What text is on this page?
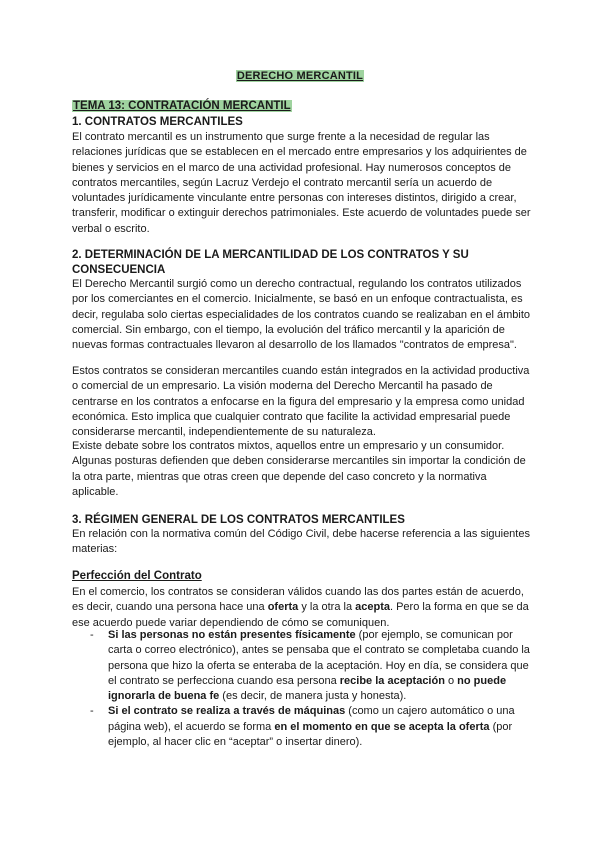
DERECHO MERCANTIL
TEMA 13: CONTRATACIÓN MERCANTIL
1. CONTRATOS MERCANTILES

El contrato mercantil es un instrumento que surge frente a la necesidad de regular las relaciones jurídicas que se establecen en el mercado entre empresarios y los adquirientes de bienes y servicios en el marco de una actividad profesional. Hay numerosos conceptos de contratos mercantiles, según Lacruz Verdejo el contrato mercantil sería un acuerdo de voluntades jurídicamente vinculante entre personas con intereses distintos, dirigido a crear, transferir, modificar o extinguir derechos patrimoniales. Este acuerdo de voluntades puede ser verbal o escrito.

2. DETERMINACIÓN DE LA MERCANTILIDAD DE LOS CONTRATOS Y SU CONSECUENCIA

El Derecho Mercantil surgió como un derecho contractual, regulando los contratos utilizados por los comerciantes en el comercio. Inicialmente, se basó en un enfoque contractualista, es decir, regulaba solo ciertas especialidades de los contratos cuando se realizaban en el ámbito comercial. Sin embargo, con el tiempo, la evolución del tráfico mercantil y la aparición de nuevas formas contractuales llevaron al desarrollo de los llamados "contratos de empresa".

Estos contratos se consideran mercantiles cuando están integrados en la actividad productiva o comercial de un empresario. La visión moderna del Derecho Mercantil ha pasado de centrarse en los contratos a enfocarse en la figura del empresario y la empresa como unidad económica. Esto implica que cualquier contrato que facilite la actividad empresarial puede considerarse mercantil, independientemente de su naturaleza.

Existe debate sobre los contratos mixtos, aquellos entre un empresario y un consumidor. Algunas posturas defienden que deben considerarse mercantiles sin importar la condición de la otra parte, mientras que otras creen que depende del caso concreto y la normativa aplicable.

3. RÉGIMEN GENERAL DE LOS CONTRATOS MERCANTILES

En relación con la normativa común del Código Civil, debe hacerse referencia a las siguientes materias:

Perfección del Contrato

En el comercio, los contratos se consideran válidos cuando las dos partes están de acuerdo, es decir, cuando una persona hace una oferta y la otra la acepta. Pero la forma en que se da ese acuerdo puede variar dependiendo de cómo se comuniquen.

- Si las personas no están presentes físicamente (por ejemplo, se comunican por carta o correo electrónico), antes se pensaba que el contrato se completaba cuando la persona que hizo la oferta se enteraba de la aceptación. Hoy en día, se considera que el contrato se perfecciona cuando esa persona recibe la aceptación o no puede ignorarla de buena fe (es decir, de manera justa y honesta).
- Si el contrato se realiza a través de máquinas (como un cajero automático o una página web), el acuerdo se forma en el momento en que se acepta la oferta (por ejemplo, al hacer clic en “aceptar” o insertar dinero).
